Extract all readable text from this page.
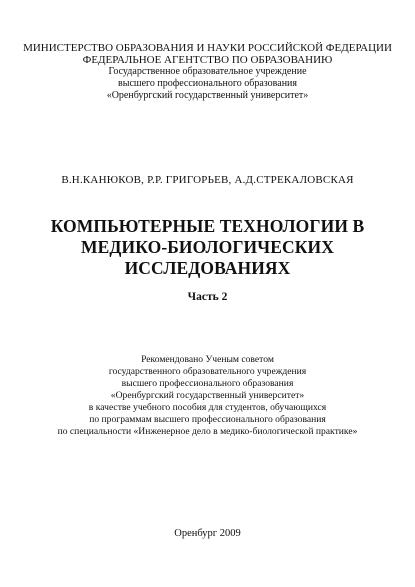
МИНИСТЕРСТВО ОБРАЗОВАНИЯ И НАУКИ РОССИЙСКОЙ ФЕДЕРАЦИИ
ФЕДЕРАЛЬНОЕ АГЕНТСТВО ПО ОБРАЗОВАНИЮ
Государственное образовательное учреждение
высшего профессионального образования
«Оренбургский государственный университет»
В.Н.КАНЮКОВ, Р.Р. ГРИГОРЬЕВ, А.Д.СТРЕКАЛОВСКАЯ
КОМПЬЮТЕРНЫЕ ТЕХНОЛОГИИ В
МЕДИКО-БИОЛОГИЧЕСКИХ
ИССЛЕДОВАНИЯХ
Часть 2
Рекомендовано Ученым советом
государственного образовательного учреждения
высшего профессионального образования
«Оренбургский государственный университет»
в качестве учебного пособия для студентов, обучающихся
по программам высшего профессионального образования
по специальности «Инженерное дело в медико-биологической практике»
Оренбург 2009
